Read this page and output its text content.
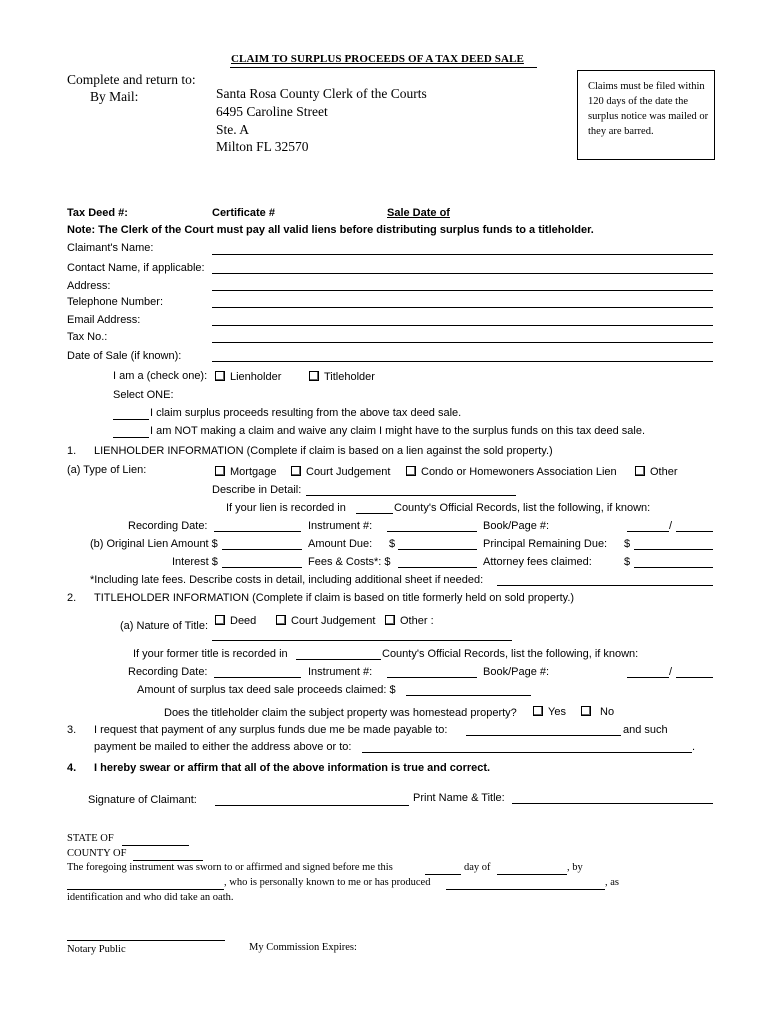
CLAIM TO SURPLUS PROCEEDS OF A TAX DEED SALE
Complete and return to:
By Mail:	Santa Rosa County Clerk of the Courts
6495 Caroline Street
Ste. A
Milton FL 32570
Claims must be filed within 120 days of the date the surplus notice was mailed or they are barred.
Tax Deed #:	Certificate #	Sale Date of
Note: The Clerk of the Court must pay all valid liens before distributing surplus funds to a titleholder.
Claimant's Name:
Contact Name, if applicable:
Address:
Telephone Number:
Email Address:
Tax No.:
Date of Sale (if known):
I am a (check one):	Lienholder	Titleholder
Select ONE:
I claim surplus proceeds resulting from the above tax deed sale.
I am NOT making a claim and waive any claim I might have to the surplus funds on this tax deed sale.
1. LIENHOLDER INFORMATION (Complete if claim is based on a lien against the sold property.)
(a) Type of Lien:	Mortgage	Court Judgement	Condo or Homewoners Association Lien	Other
Describe in Detail:
If your lien is recorded in	County's Official Records, list the following, if known:
Recording Date:	Instrument #:	Book/Page #:	/
(b) Original Lien Amount $	Amount Due: $	Principal Remaining Due: $
Interest $	Fees & Costs*: $	Attorney fees claimed:	$
*Including late fees. Describe costs in detail, including additional sheet if needed:
2. TITLEHOLDER INFORMATION (Complete if claim is based on title formerly held on sold property.)
(a) Nature of Title:	Deed	Court Judgement	Other :
If your former title is recorded in	County's Official Records, list the following, if known:
Recording Date:	Instrument #:	Book/Page #:	/
Amount of surplus tax deed sale proceeds claimed: $
Does the titleholder claim the subject property was homestead property?	Yes	No
3. I request that payment of any surplus funds due me be made payable to:	and such
payment be mailed to either the address above or to:	.
4. I hereby swear or affirm that all of the above information is true and correct.
Signature of Claimant:	Print Name & Title:
STATE OF
COUNTY OF
The foregoing instrument was sworn to or affirmed and signed before me this	day of	, by
, who is personally known to me or has produced	, as
identification and who did take an oath.
Notary Public	My Commission Expires:
